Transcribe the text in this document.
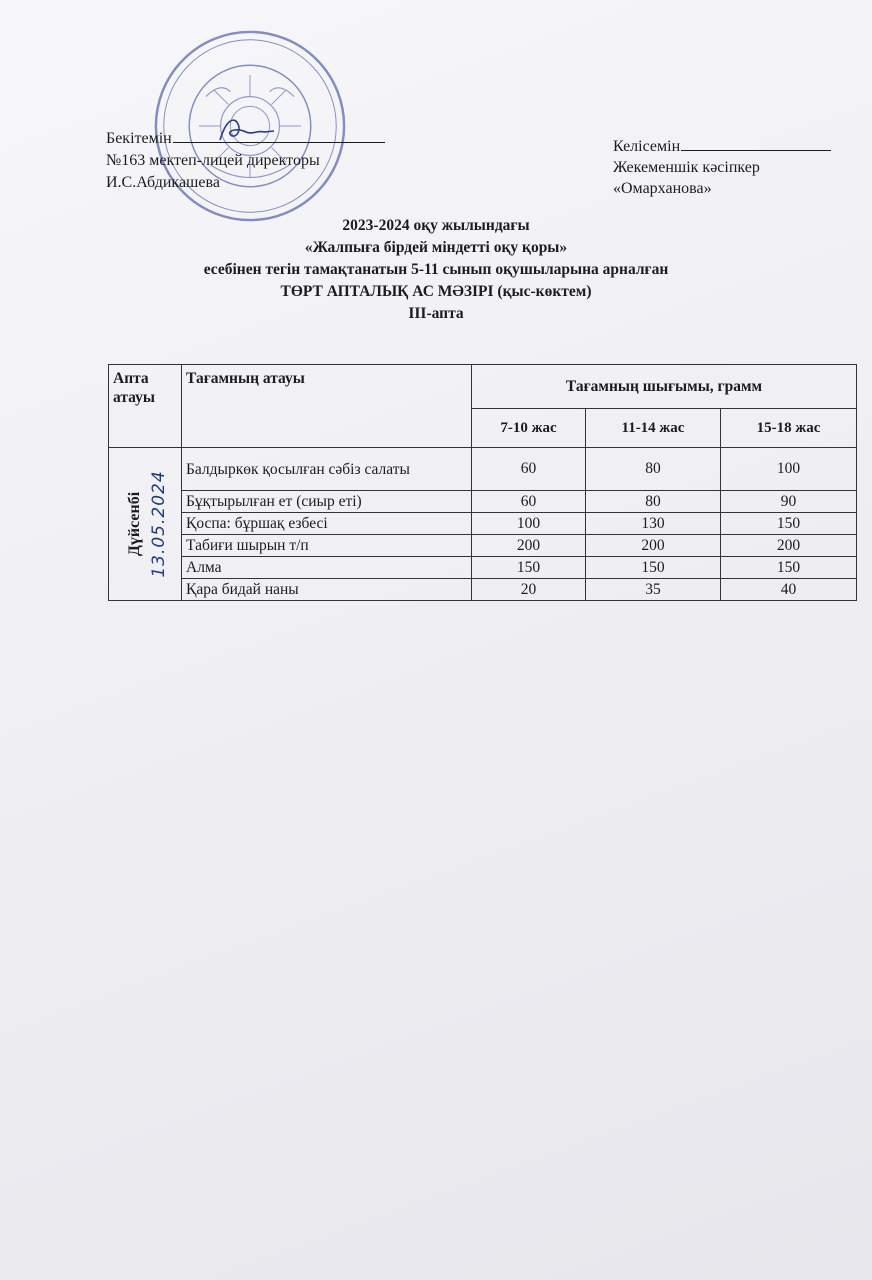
Бекітемін
№163 мектеп-лицей директоры
И.С.Абдикашева
Келісемін
Жекеменшік кәсіпкер
«Омарханова»
2023-2024 оқу жылындағы
«Жалпыға бірдей міндетті оқу қоры»
есебінен тегін тамақтанатын 5-11 сынып оқушыларына арналған
ТӨРТ АПТАЛЫҚ АС МӘЗІРІ (қыс-көктем)
III-апта
Апта атауы	Тағамның атауы	Тағамның шығымы, грамм		
		7-10 жас	11-14 жас	15-18 жас

Дүйсенбі 13.05.2024	Балдыркөк қосылған сәбіз салаты	60	80	100
	Бұқтырылған ет (сиыр еті)	60	80	90
	Қоспа: бұршақ езбесі	100	130	150
	Табиғи шырын т/п	200	200	200
	Алма	150	150	150
	Қара бидай наны	20	35	40
